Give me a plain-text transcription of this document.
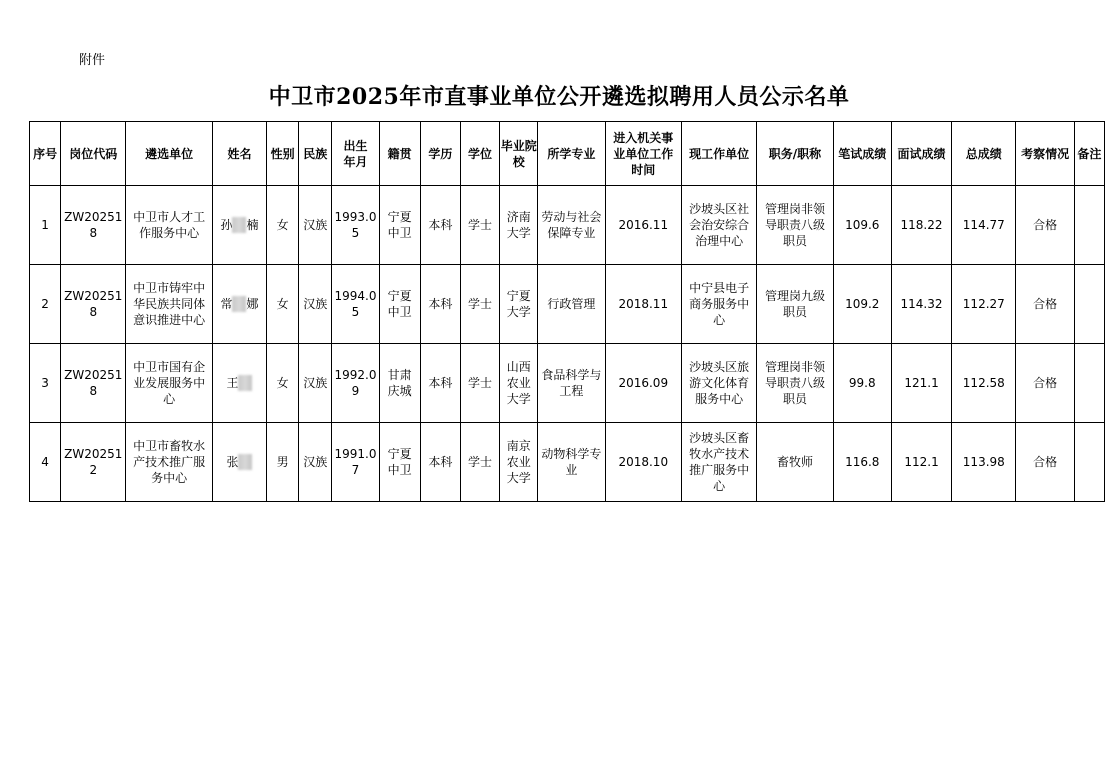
附件
中卫市2025年市直事业单位公开遴选拟聘用人员公示名单
序号	岗位代码	遴选单位	姓名	性别	民族	出生年月	籍贯	学历	学位	毕业院校	所学专业	进入机关事业单位工作时间	现工作单位	职务/职称	笔试成绩	面试成绩	总成绩	考察情况	备注
1	ZW202518	中卫市人才工作服务中心	孙 楠	女	汉族	1993.05	宁夏中卫	本科	学士	济南大学	劳动与社会保障专业	2016.11	沙坡头区社会治安综合治理中心	管理岗非领导职责八级职员	109.6	118.22	114.77	合格	
2	ZW202518	中卫市铸牢中华民族共同体意识推进中心	常 娜	女	汉族	1994.05	宁夏中卫	本科	学士	宁夏大学	行政管理	2018.11	中宁县电子商务服务中心	管理岗九级职员	109.2	114.32	112.27	合格	
3	ZW202518	中卫市国有企业发展服务中心	王	女	汉族	1992.09	甘肃庆城	本科	学士	山西农业大学	食品科学与工程	2016.09	沙坡头区旅游文化体育服务中心	管理岗非领导职责八级职员	99.8	121.1	112.58	合格	
4	ZW202512	中卫市畜牧水产技术推广服务中心	张	男	汉族	1991.07	宁夏中卫	本科	学士	南京农业大学	动物科学专业	2018.10	沙坡头区畜牧水产技术推广服务中心	畜牧师	116.8	112.1	113.98	合格	
